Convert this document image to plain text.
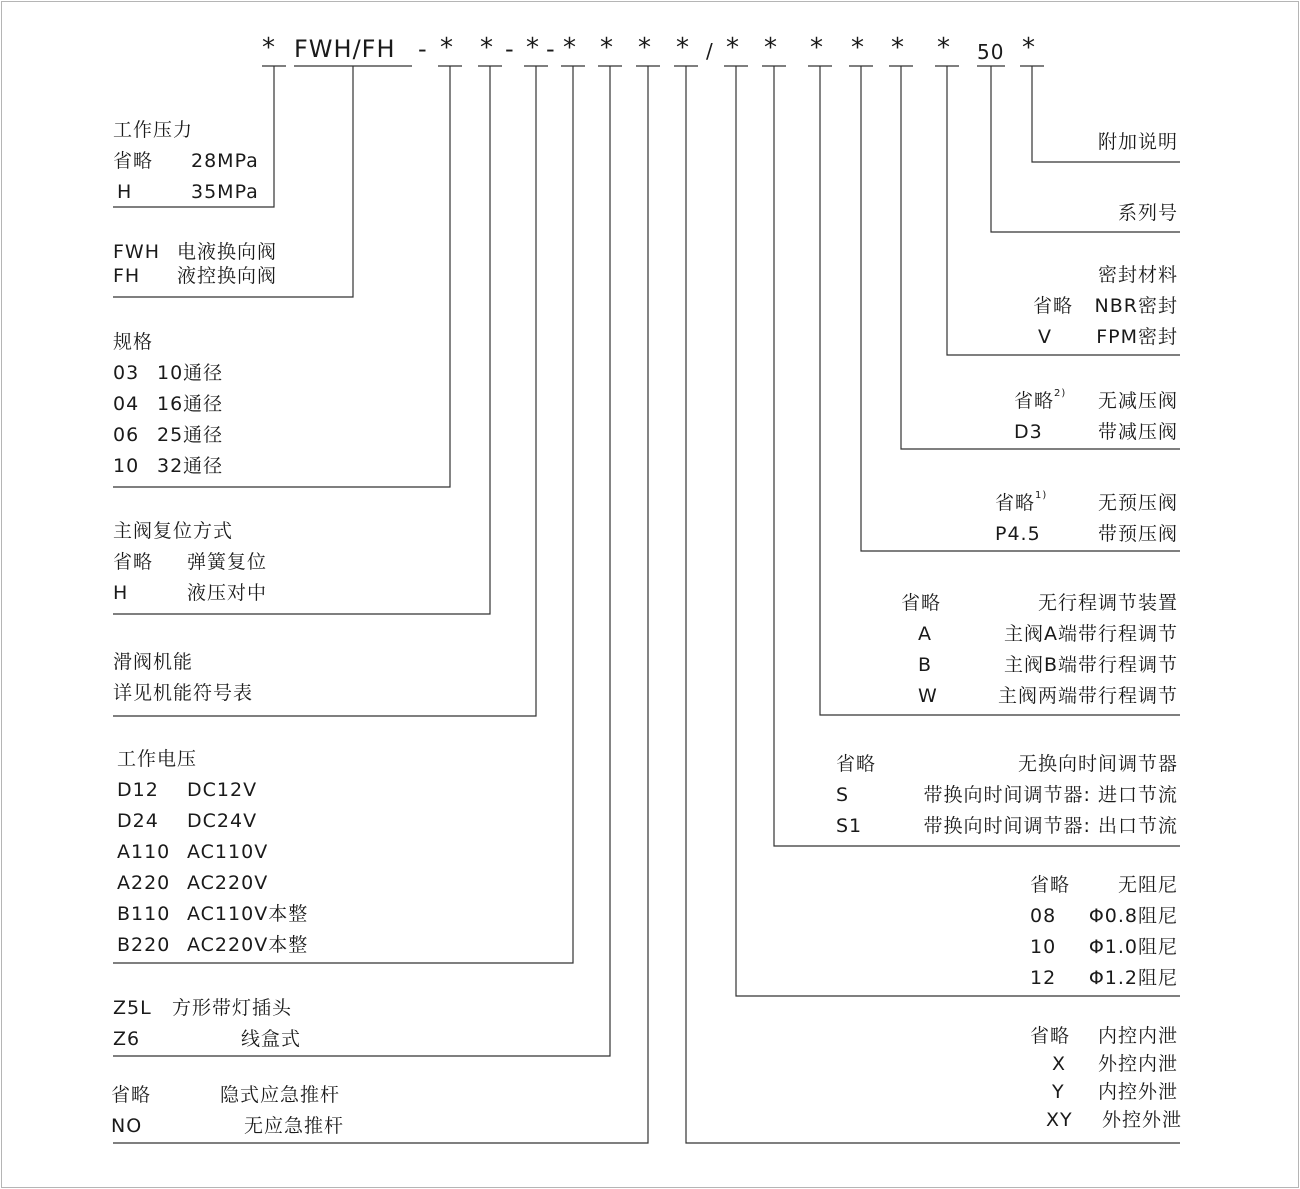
* FWH/FH - * * - * - * * * * / * * * * * * 50 *
工作压力
省略 28MPa
H	35MPa
FWH 电液换向阀
FH 液控换向阀
规格
03 10通径
04 16通径
06 25通径
10 32通径
主阀复位方式
省略 弹簧复位
H	液压对中
滑阀机能
详见机能符号表
工作电压
D12 DC12V
D24 DC24V
A110 AC110V
A220 AC220V
B110 AC110V本整
B220 AC220V本整
Z5L 方形带灯插头
Z6	线盒式
省略	隐式应急推杆
NO	无应急推杆
附加说明
系列号
密封材料
省略 NBR密封
V FPM密封
省略$^{2)}$ 无减压阀
D3	带减压阀
省略$^{1)}$	无预压阀
P4.5	带预压阀
省略	无行程调节装置
A	主阀A端带行程调节
B	主阀B端带行程调节
W	主阀两端带行程调节
省略	无换向时间调节器
S	带换向时间调节器: 进口节流
S1	带换向时间调节器: 出口节流
省略	无阻尼
08 Φ0.8阻尼
10 Φ1.0阻尼
12 Φ1.2阻尼
省略 内控内泄
X 外控内泄
Y 内控外泄
XY 外控外泄
